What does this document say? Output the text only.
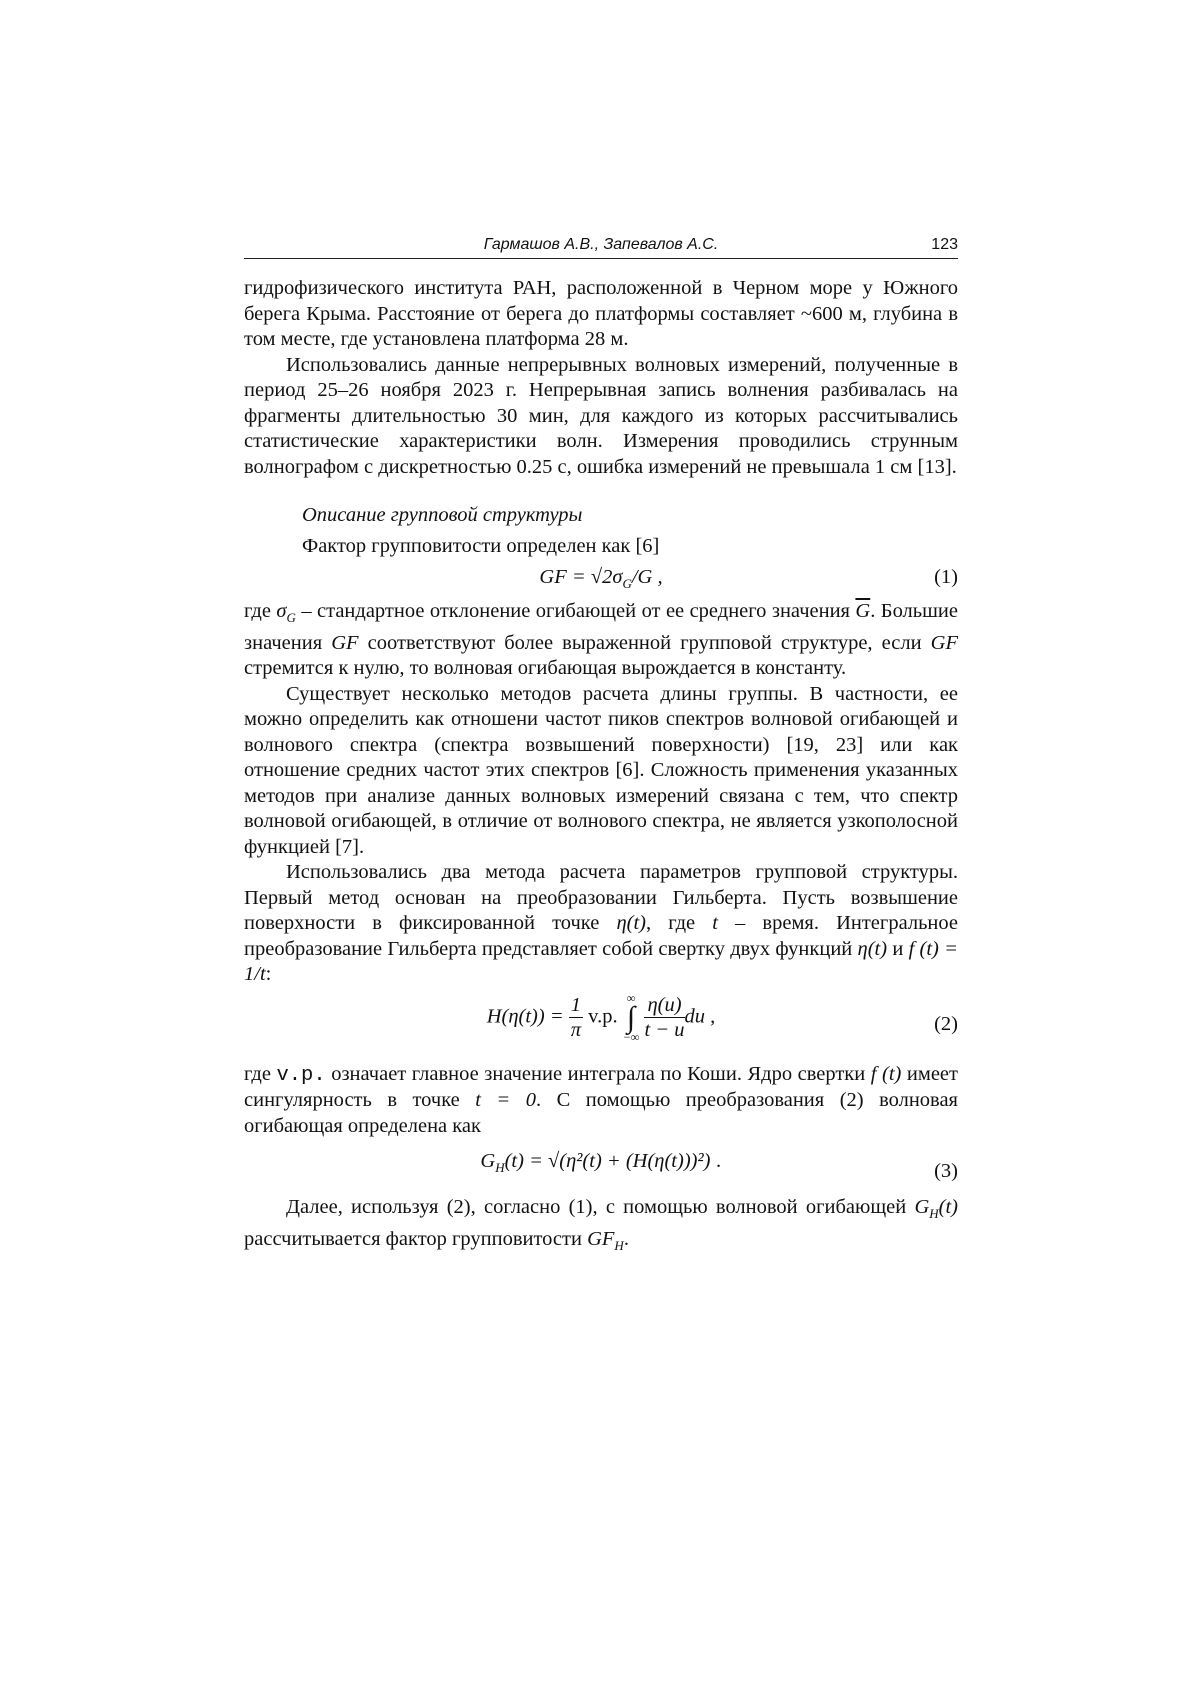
Гармашов А.В., Запевалов А.С.	123

гидрофизического института РАН, расположенной в Черном море у Южного берега Крыма. Расстояние от берега до платформы составляет ~600 м, глубина в том месте, где установлена платформа 28 м.

Использовались данные непрерывных волновых измерений, полученные в период 25–26 ноября 2023 г. Непрерывная запись волнения разбивалась на фрагменты длительностью 30 мин, для каждого из которых рассчитывались статистические характеристики волн. Измерения проводились струнным волнографом с дискретностью 0.25 с, ошибка измерений не превышала 1 см [13].

Описание групповой структуры

Фактор групповитости определен как [6]

GF = $√2\sigma_G/G$ ,	(1)

где $\sigma_G$ – стандартное отклонение огибающей от ее среднего значения $\overline{G}$. Большие значения GF соответствуют более выраженной групповой структуре, если GF стремится к нулю, то волновая огибающая вырождается в константу.

Существует несколько методов расчета длины группы. В частности, ее можно определить как отношени частот пиков спектров волновой огибающей и волнового спектра (спектра возвышений поверхности) [19, 23] или как отношение средних частот этих спектров [6]. Сложность применения указанных методов при анализе данных волновых измерений связана с тем, что спектр волновой огибающей, в отличие от волнового спектра, не является узкополосной функцией [7].

Использовались два метода расчета параметров групповой структуры. Первый метод основан на преобразовании Гильберта. Пусть возвышение поверхности в фиксированной точке η(t), где t – время. Интегральное преобразование Гильберта представляет собой свертку двух функций η(t) и f (t) = 1/t:

$H(\eta(t)) = \frac{1}{\pi} v.p$. ∞
∫
−∞ $\frac{\eta(u)}{t - u}$ du ,	(2)

где v.p. означает главное значение интеграла по Коши. Ядро свертки f (t) имеет сингулярность в точке t = 0. С помощью преобразования (2) волновая огибающая определена как

$G_H(t) = √(\eta^2(t) + (H(\eta(t)))^2)$ .	(3)

Далее, используя (2), согласно (1), с помощью волновой огибающей $G_H(t)$ рассчитывается фактор групповитости $GF_H$.
